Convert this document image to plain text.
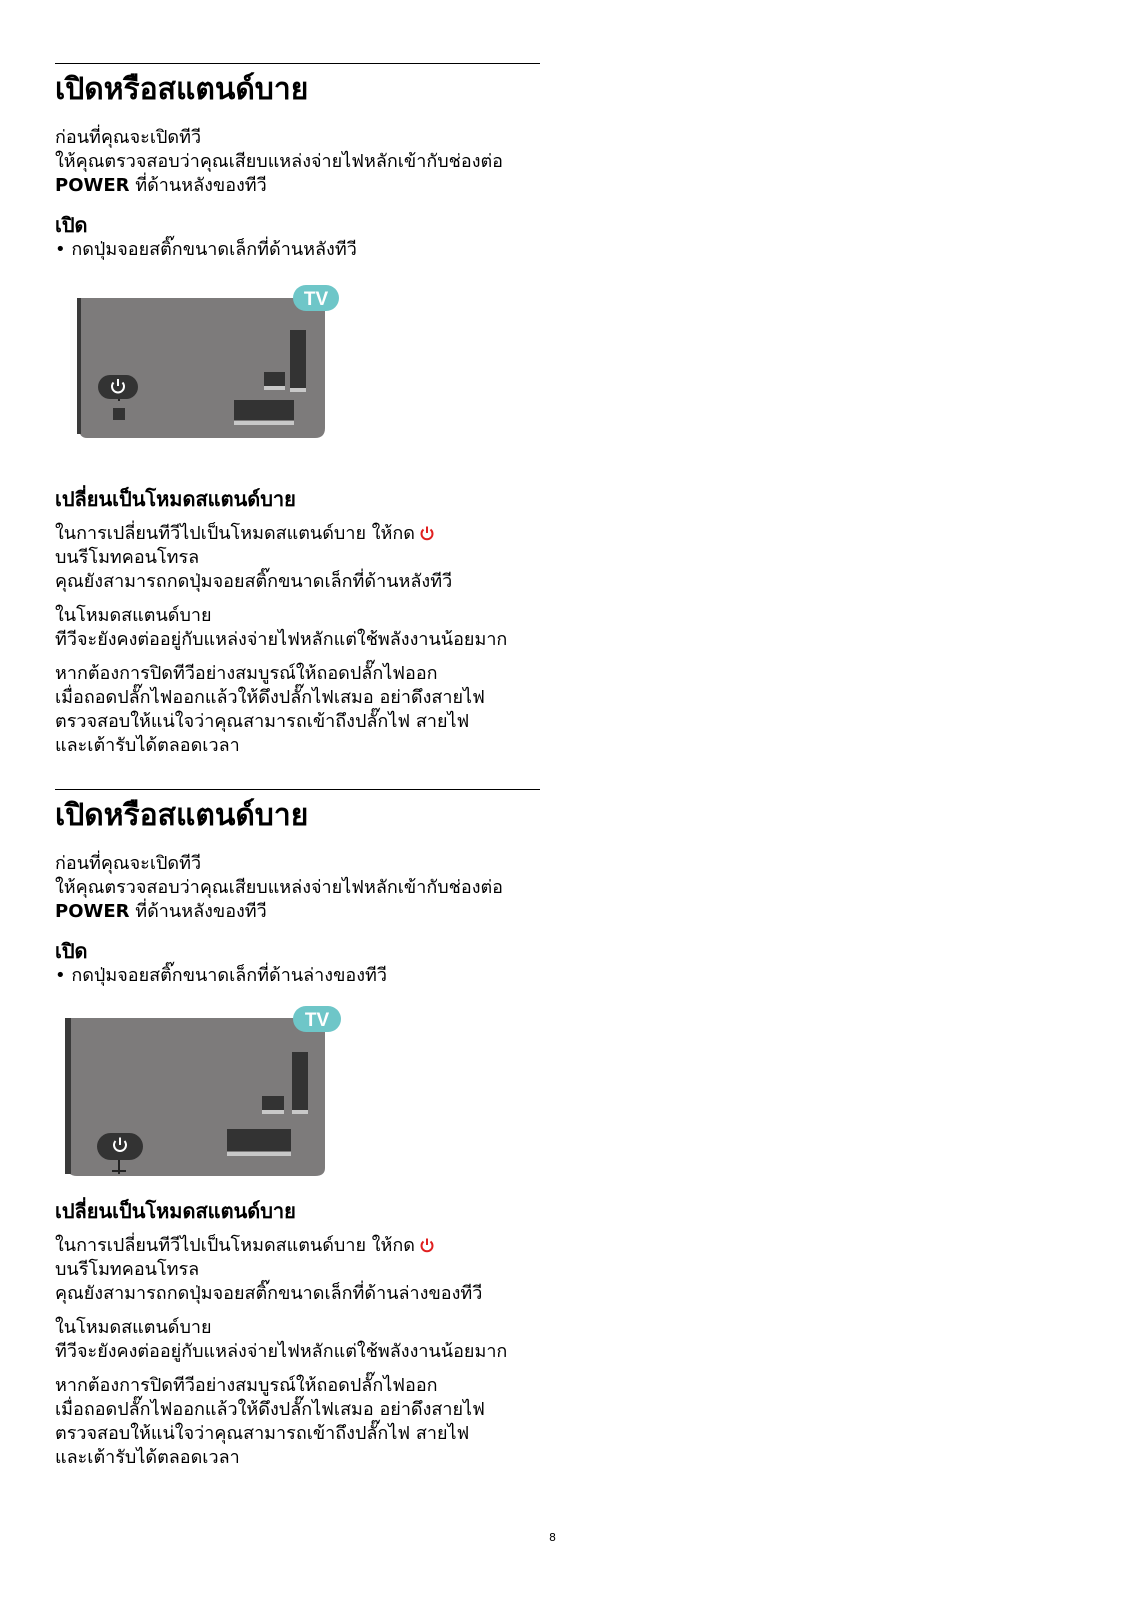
เปิดหรือสแตนด์บาย

ก่อนที่คุณจะเปิดทีวี

ให้คุณตรวจสอบว่าคุณเสียบแหล่งจ่ายไฟหลักเข้ากับช่องต่อ

POWER ที่ด้านหลังของทีวี

เปิด

• กดปุ่มจอยสติ๊กขนาดเล็กที่ด้านหลังทีวี

TV
เปลี่ยนเป็นโหมดสแตนด์บาย

ในการเปลี่ยนทีวีไปเป็นโหมดสแตนด์บาย ให้กด

บนรีโมทคอนโทรล

คุณยังสามารถกดปุ่มจอยสติ๊กขนาดเล็กที่ด้านหลังทีวี

ในโหมดสแตนด์บาย

ทีวีจะยังคงต่ออยู่กับแหล่งจ่ายไฟหลักแต่ใช้พลังงานน้อยมาก

หากต้องการปิดทีวีอย่างสมบูรณ์ให้ถอดปลั๊กไฟออก

เมื่อถอดปลั๊กไฟออกแล้วให้ดึงปลั๊กไฟเสมอ อย่าดึงสายไฟ

ตรวจสอบให้แน่ใจว่าคุณสามารถเข้าถึงปลั๊กไฟ สายไฟ

และเต้ารับได้ตลอดเวลา

เปิดหรือสแตนด์บาย

ก่อนที่คุณจะเปิดทีวี

ให้คุณตรวจสอบว่าคุณเสียบแหล่งจ่ายไฟหลักเข้ากับช่องต่อ

POWER ที่ด้านหลังของทีวี

เปิด

• กดปุ่มจอยสติ๊กขนาดเล็กที่ด้านล่างของทีวี

TV
เปลี่ยนเป็นโหมดสแตนด์บาย

ในการเปลี่ยนทีวีไปเป็นโหมดสแตนด์บาย ให้กด

บนรีโมทคอนโทรล

คุณยังสามารถกดปุ่มจอยสติ๊กขนาดเล็กที่ด้านล่างของทีวี

ในโหมดสแตนด์บาย

ทีวีจะยังคงต่ออยู่กับแหล่งจ่ายไฟหลักแต่ใช้พลังงานน้อยมาก

หากต้องการปิดทีวีอย่างสมบูรณ์ให้ถอดปลั๊กไฟออก

เมื่อถอดปลั๊กไฟออกแล้วให้ดึงปลั๊กไฟเสมอ อย่าดึงสายไฟ

ตรวจสอบให้แน่ใจว่าคุณสามารถเข้าถึงปลั๊กไฟ สายไฟ

และเต้ารับได้ตลอดเวลา

8
